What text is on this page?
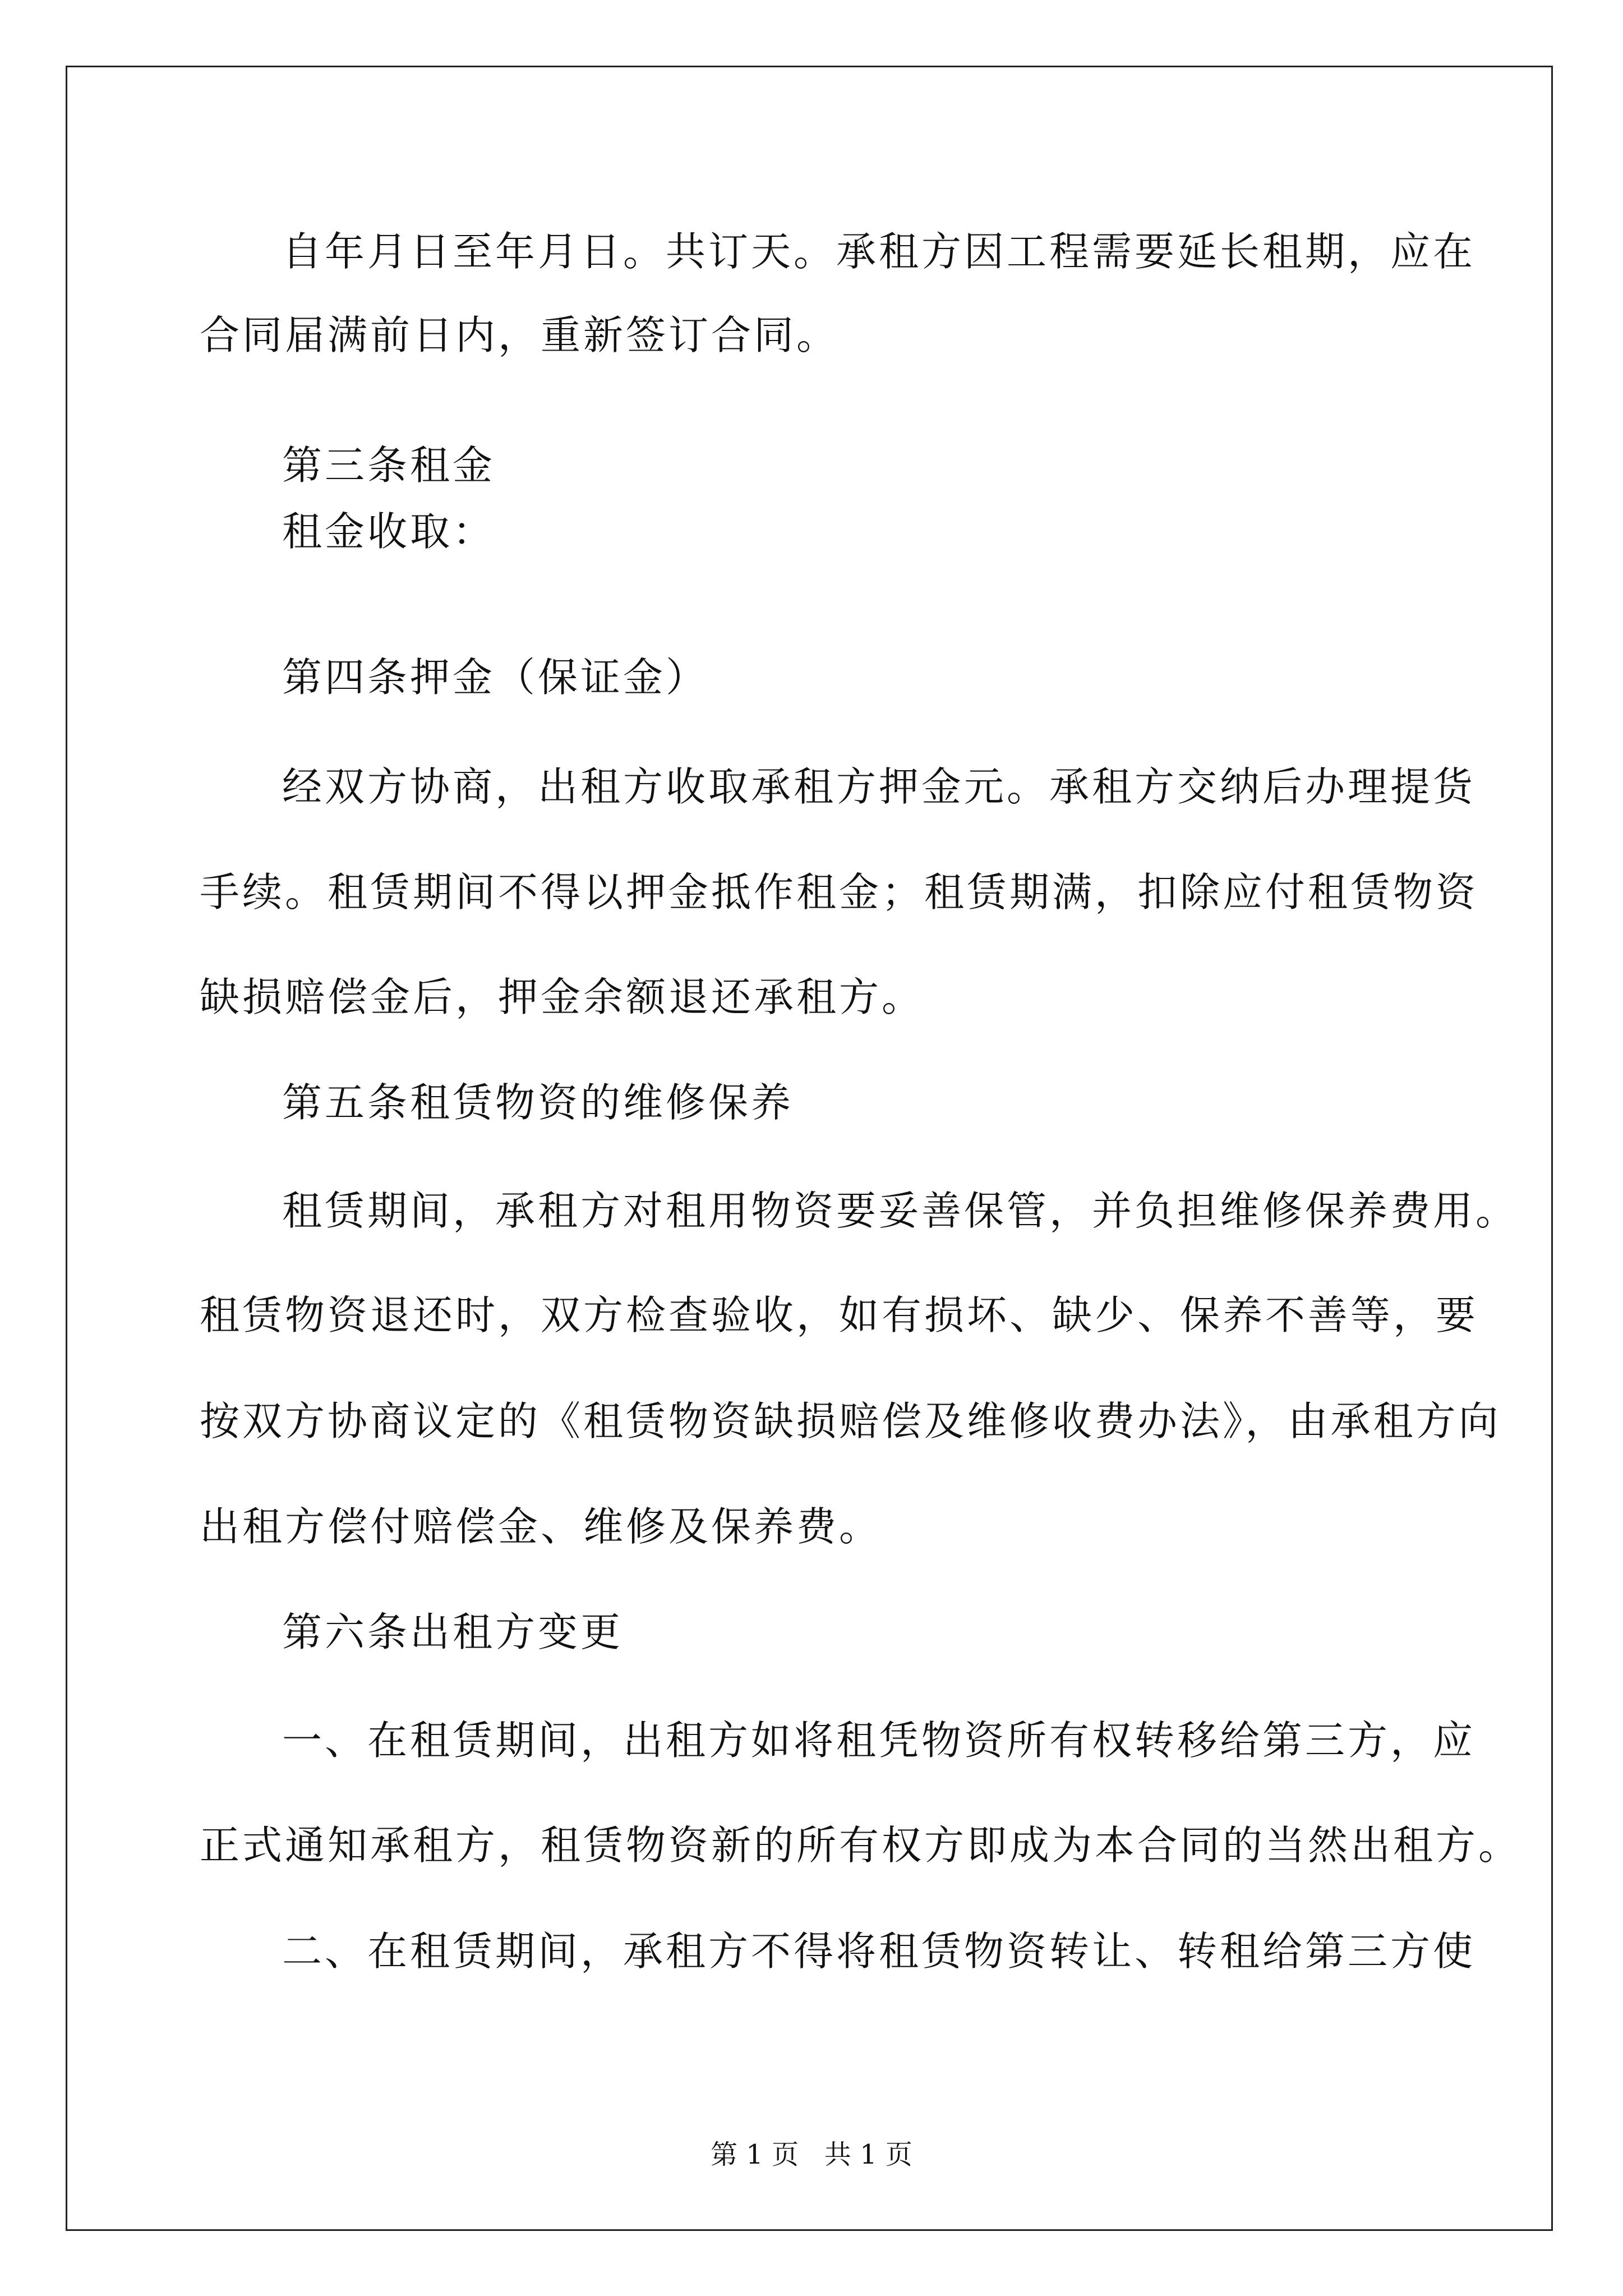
自年月日至年月日。共订天。承租方因工程需要延长租期，应在
合同届满前日内，重新签订合同。
第三条租金
租金收取：
第四条押金（保证金）
经双方协商，出租方收取承租方押金元。承租方交纳后办理提货
手续。租赁期间不得以押金抵作租金；租赁期满，扣除应付租赁物资
缺损赔偿金后，押金余额退还承租方。
第五条租赁物资的维修保养
租赁期间，承租方对租用物资要妥善保管，并负担维修保养费用。
租赁物资退还时，双方检查验收，如有损坏、缺少、保养不善等，要
按双方协商议定的《租赁物资缺损赔偿及维修收费办法》，由承租方向
出租方偿付赔偿金、维修及保养费。
第六条出租方变更
一、在租赁期间，出租方如将租凭物资所有权转移给第三方，应
正式通知承租方，租赁物资新的所有权方即成为本合同的当然出租方。
二、在租赁期间，承租方不得将租赁物资转让、转租给第三方使
第 1 页   共 1 页
